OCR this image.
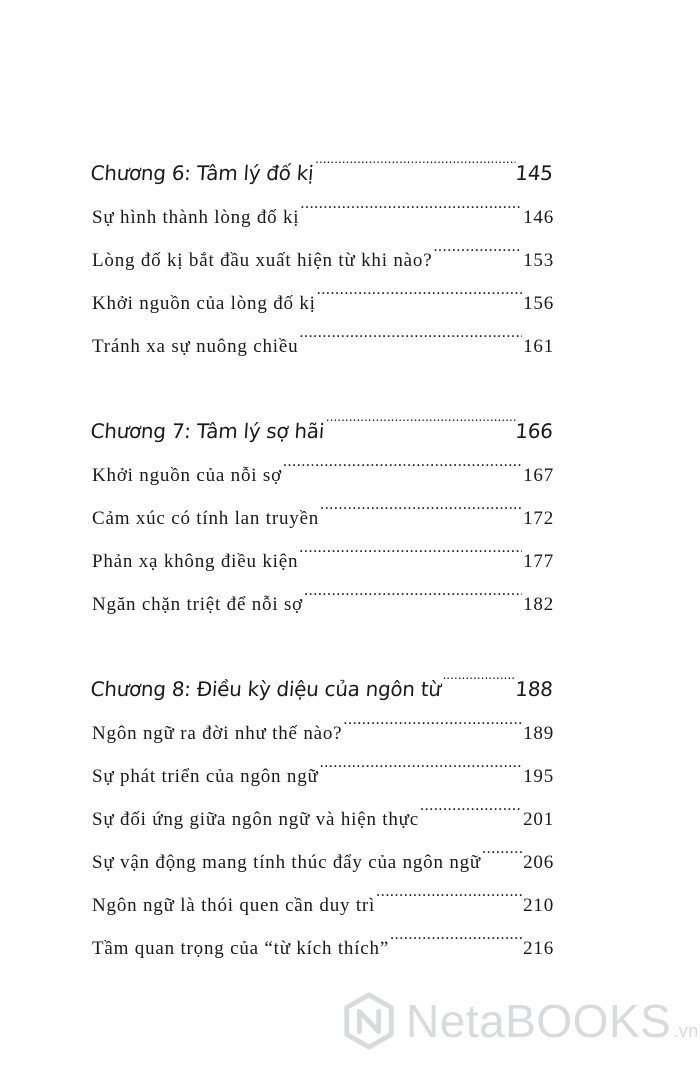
Chương 6: Tâm lý đố kị .....	145
Sự hình thành lòng đố kị .....	146
Lòng đố kị bắt đầu xuất hiện từ khi nào? .....	153
Khởi nguồn của lòng đố kị .....	156
Tránh xa sự nuông chiều .....	161
Chương 7: Tâm lý sợ hãi .....	166
Khởi nguồn của nỗi sợ .....	167
Cảm xúc có tính lan truyền .....	172
Phản xạ không điều kiện .....	177
Ngăn chặn triệt để nỗi sợ .....	182
Chương 8: Điều kỳ diệu của ngôn từ .....	188
Ngôn ngữ ra đời như thế nào? .....	189
Sự phát triển của ngôn ngữ .....	195
Sự đối ứng giữa ngôn ngữ và hiện thực .....	201
Sự vận động mang tính thúc đẩy của ngôn ngữ ..... 206
Ngôn ngữ là thói quen cần duy trì .....	210
Tầm quan trọng của “từ kích thích” .....	216
NetaBOOKS .vn
